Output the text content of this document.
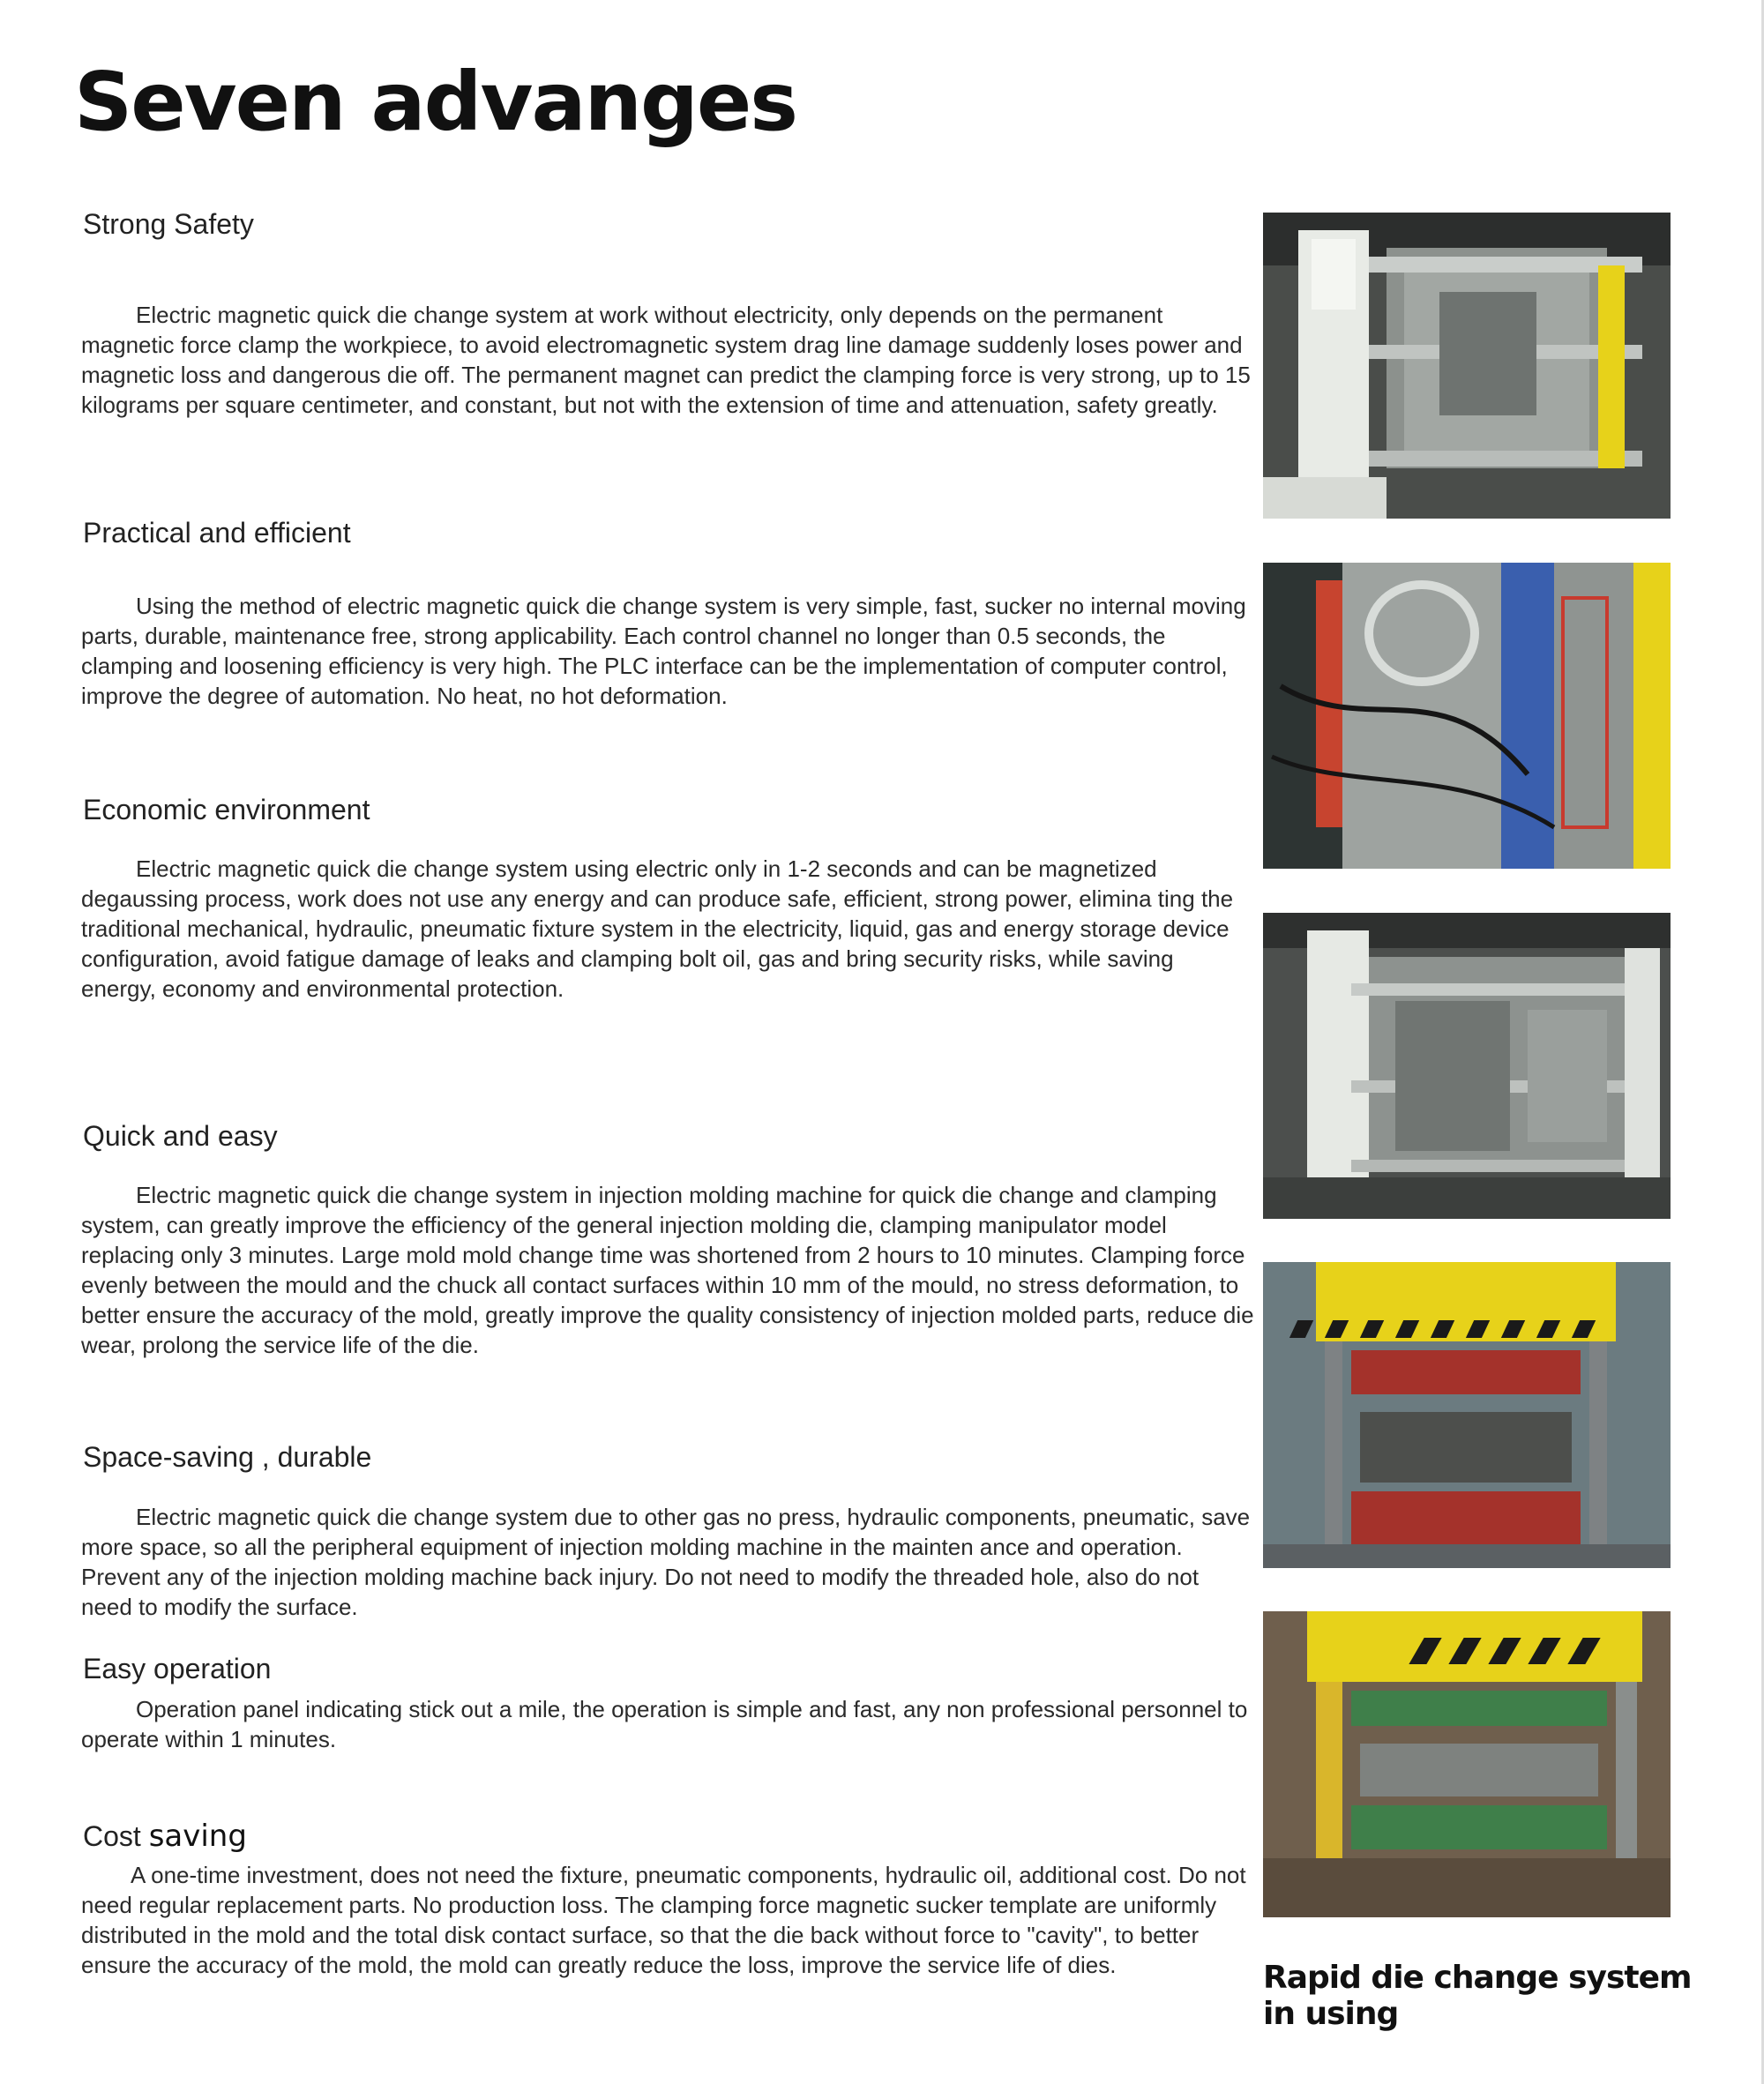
Seven advanges
Strong Safety

Electric magnetic quick die change system at work without electricity, only depends on the permanent magnetic force clamp the workpiece, to avoid electromagnetic system drag line damage suddenly loses power and magnetic loss and dangerous die off. The permanent magnet can predict the clamping force is very strong, up to 15 kilograms per square centimeter, and constant, but not with the extension of time and attenuation, safety greatly.

Practical and efficient

Using the method of electric magnetic quick die change system is very simple, fast, sucker no internal moving parts, durable, maintenance free, strong applicability. Each control channel no longer than 0.5 seconds, the clamping and loosening efficiency is very high. The PLC interface can be the implementation of computer control, improve the degree of automation. No heat, no hot deformation.

Economic environment

Electric magnetic quick die change system using electric only in 1-2 seconds and can be magnetized degaussing process, work does not use any energy and can produce safe, efficient, strong power, elimina ting the traditional mechanical, hydraulic, pneumatic fixture system in the electricity, liquid, gas and energy storage device configuration, avoid fatigue damage of leaks and clamping bolt oil, gas and bring security risks, while saving energy, economy and environmental protection.

Quick and easy

Electric magnetic quick die change system in injection molding machine for quick die change and clamping system, can greatly improve the efficiency of the general injection molding die, clamping manipulator model replacing only 3 minutes. Large mold mold change time was shortened from 2 hours to 10 minutes. Clamping force evenly between the mould and the chuck all contact surfaces within 10 mm of the mould, no stress deformation, to better ensure the accuracy of the mold, greatly improve the quality consistency of injection molded parts, reduce die wear, prolong the service life of the die.

Space-saving , durable

Electric magnetic quick die change system due to other gas no press, hydraulic components, pneumatic, save more space, so all the peripheral equipment of injection molding machine in the mainten ance and operation. Prevent any of the injection molding machine back injury. Do not need to modify the threaded hole, also do not need to modify the surface.

Easy operation

Operation panel indicating stick out a mile, the operation is simple and fast, any non professional personnel to operate within 1 minutes.

Cost saving

A one-time investment, does not need the fixture, pneumatic components, hydraulic oil, additional cost. Do not need regular replacement parts. No production loss. The clamping force magnetic sucker template are uniformly distributed in the mold and the total disk contact surface, so that the die back without force to "cavity", to better ensure the accuracy of the mold, the mold can greatly reduce the loss, improve the service life of dies.	Rapid die change system in using
